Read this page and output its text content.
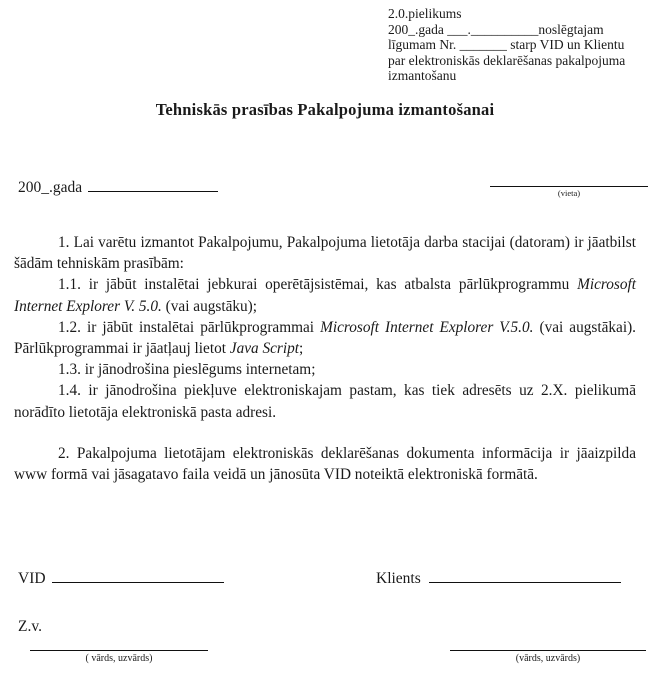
2.0.pielikums
200_.gada ___.__________noslēgtajam
līgumam Nr. _______ starp VID un Klientu
par elektroniskās deklarēšanas pakalpojuma izmantošanu
Tehniskās prasības Pakalpojuma izmantošanai
200_.gada	(vieta)

1. Lai varētu izmantot Pakalpojumu, Pakalpojuma lietotāja darba stacijai (datoram) ir jāatbilst šādām tehniskām prasībām:

1.1. ir jābūt instalētai jebkurai operētājsistēmai, kas atbalsta pārlūkprogrammu Microsoft Internet Explorer V. 5.0. (vai augstāku);

1.2. ir jābūt instalētai pārlūkprogrammai Microsoft Internet Explorer V.5.0. (vai augstākai). Pārlūkprogrammai ir jāatļauj lietot Java Script;

1.3. ir jānodrošina pieslēgums internetam;

1.4. ir jānodrošina piekļuve elektroniskajam pastam, kas tiek adresēts uz 2.X. pielikumā norādīto lietotāja elektroniskā pasta adresi.

2. Pakalpojuma lietotājam elektroniskās deklarēšanas dokumenta informācija ir jāaizpilda www formā vai jāsagatavo faila veidā un jānosūta VID noteiktā elektroniskā formātā.

VID	Klients
Z.v.
( vārds, uzvārds)	(vārds, uzvārds)
